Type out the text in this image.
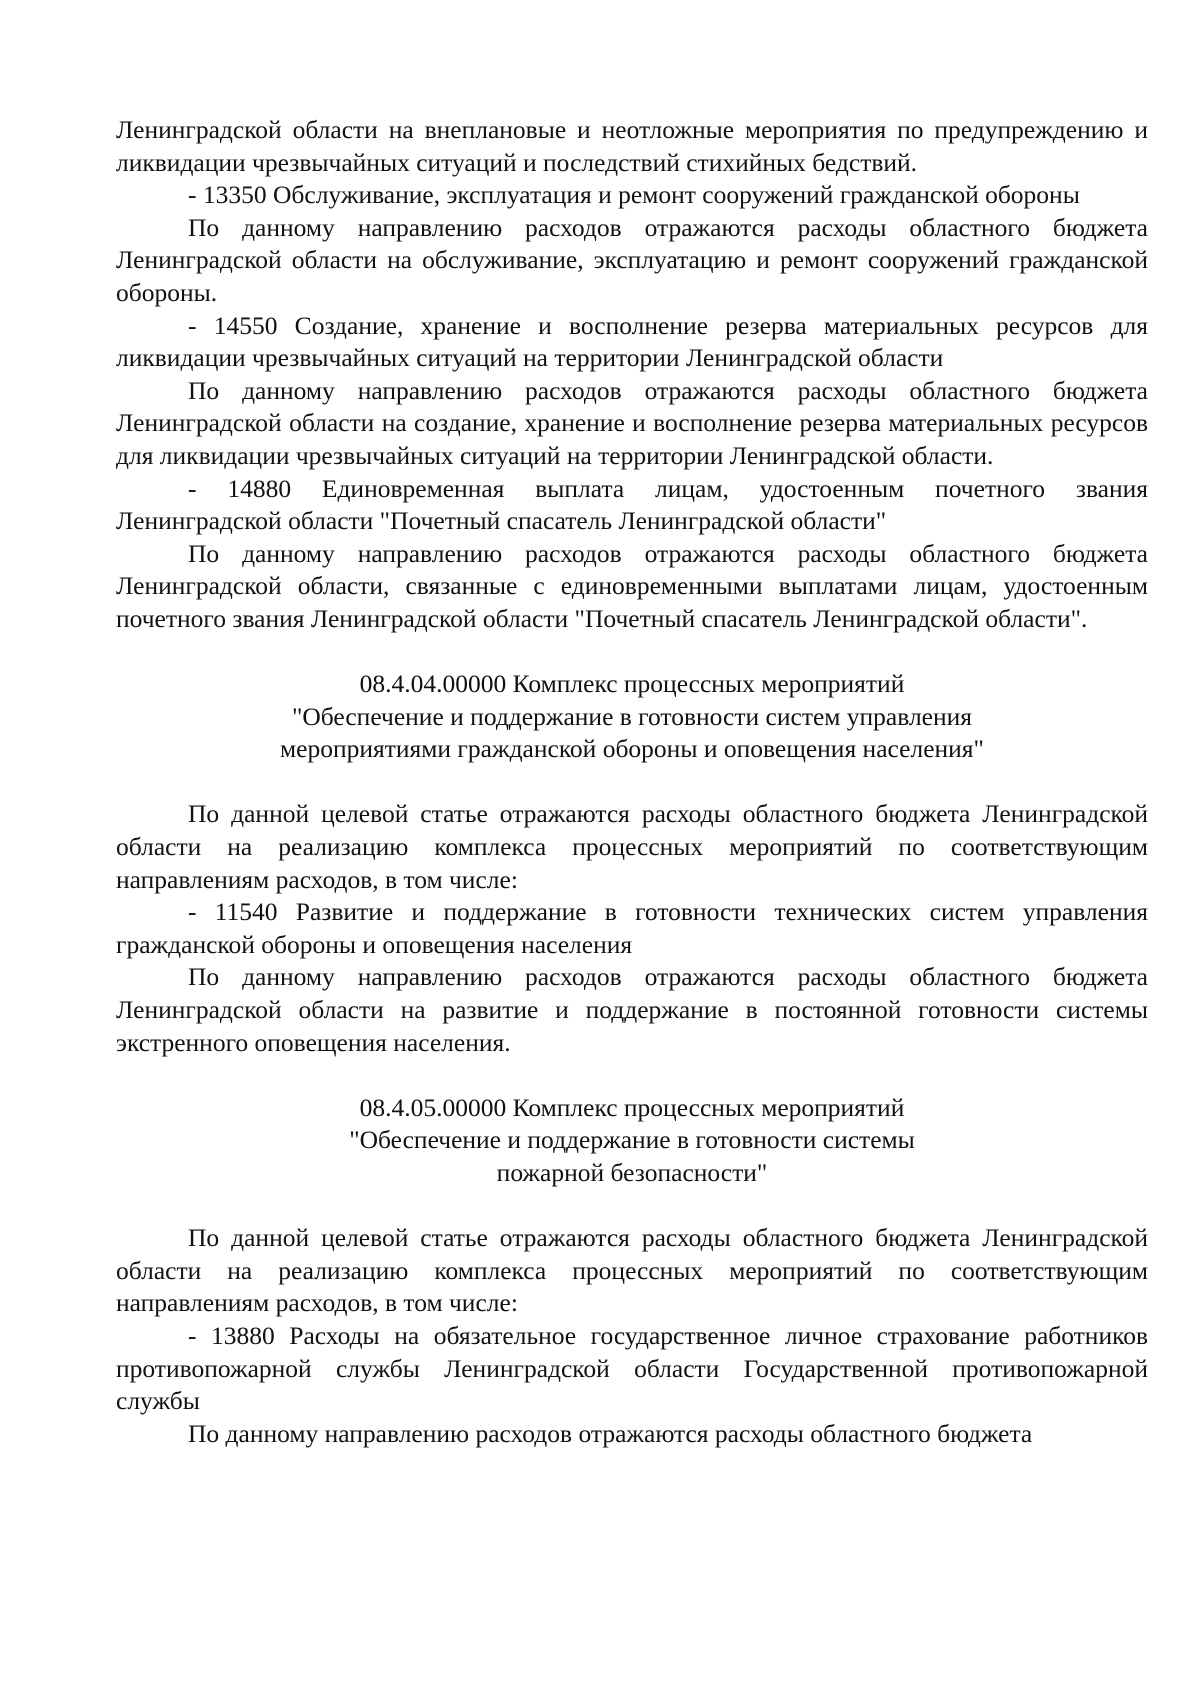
Ленинградской области на внеплановые и неотложные мероприятия по предупреждению и ликвидации чрезвычайных ситуаций и последствий стихийных бедствий.

- 13350 Обслуживание, эксплуатация и ремонт сооружений гражданской обороны

По данному направлению расходов отражаются расходы областного бюджета Ленинградской области на обслуживание, эксплуатацию и ремонт сооружений гражданской обороны.

- 14550 Создание, хранение и восполнение резерва материальных ресурсов для ликвидации чрезвычайных ситуаций на территории Ленинградской области

По данному направлению расходов отражаются расходы областного бюджета Ленинградской области на создание, хранение и восполнение резерва материальных ресурсов для ликвидации чрезвычайных ситуаций на территории Ленинградской области.

- 14880 Единовременная выплата лицам, удостоенным почетного звания Ленинградской области "Почетный спасатель Ленинградской области"

По данному направлению расходов отражаются расходы областного бюджета Ленинградской области, связанные с единовременными выплатами лицам, удостоенным почетного звания Ленинградской области "Почетный спасатель Ленинградской области".

08.4.04.00000 Комплекс процессных мероприятий
"Обеспечение и поддержание в готовности систем управления
мероприятиями гражданской обороны и оповещения населения"

По данной целевой статье отражаются расходы областного бюджета Ленинградской области на реализацию комплекса процессных мероприятий по соответствующим направлениям расходов, в том числе:

- 11540 Развитие и поддержание в готовности технических систем управления гражданской обороны и оповещения населения

По данному направлению расходов отражаются расходы областного бюджета Ленинградской области на развитие и поддержание в постоянной готовности системы экстренного оповещения населения.

08.4.05.00000 Комплекс процессных мероприятий
"Обеспечение и поддержание в готовности системы
пожарной безопасности"

По данной целевой статье отражаются расходы областного бюджета Ленинградской области на реализацию комплекса процессных мероприятий по соответствующим направлениям расходов, в том числе:

- 13880 Расходы на обязательное государственное личное страхование работников противопожарной службы Ленинградской области Государственной противопожарной службы

По данному направлению расходов отражаются расходы областного бюджета
